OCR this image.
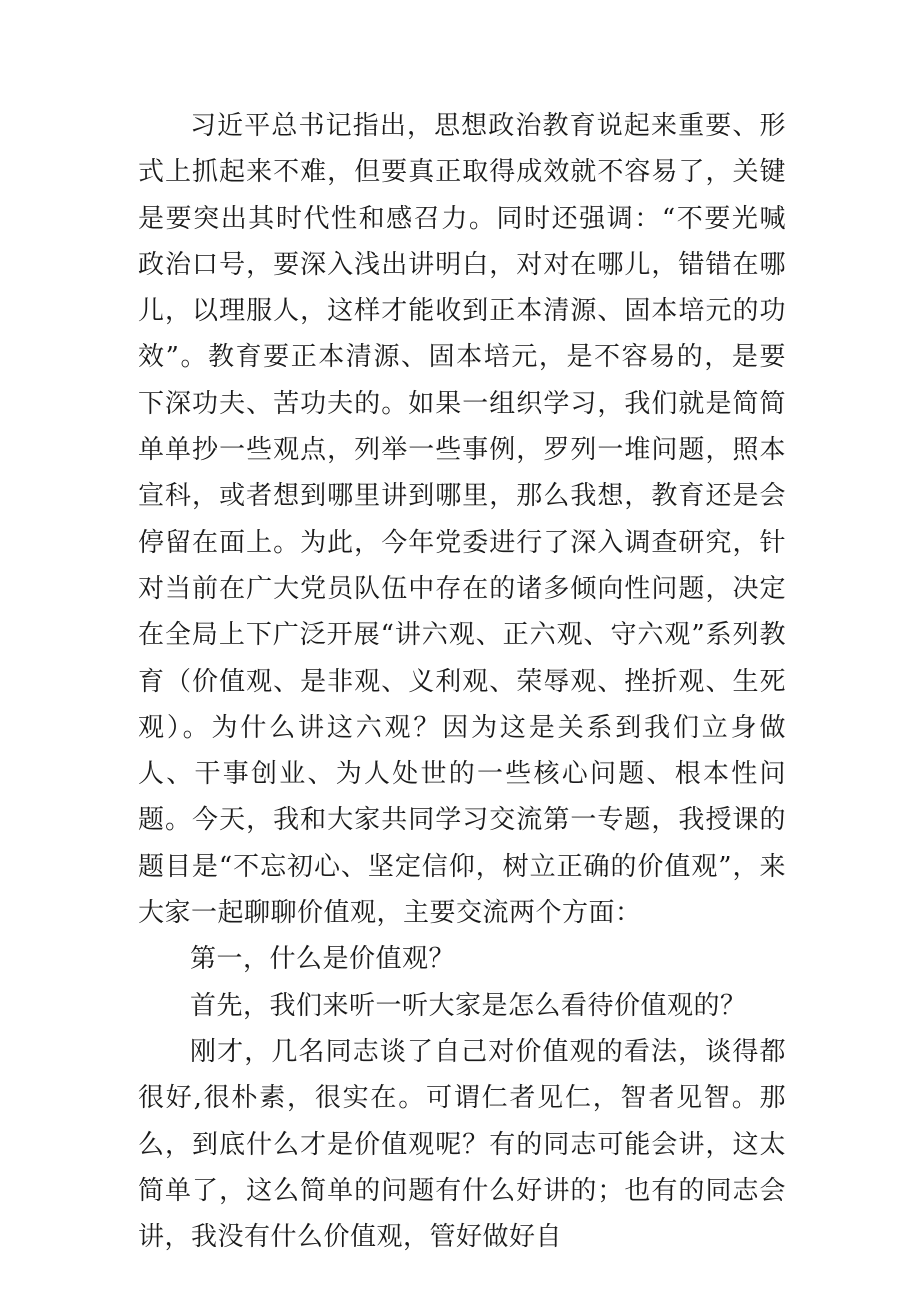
习近平总书记指出，思想政治教育说起来重要、形式上抓起来不难，但要真正取得成效就不容易了，关键是要突出其时代性和感召力。同时还强调：“不要光喊政治口号，要深入浅出讲明白，对对在哪儿，错错在哪儿，以理服人，这样才能收到正本清源、固本培元的功效”。教育要正本清源、固本培元，是不容易的，是要下深功夫、苦功夫的。如果一组织学习，我们就是简简单单抄一些观点，列举一些事例，罗列一堆问题，照本宣科，或者想到哪里讲到哪里，那么我想，教育还是会停留在面上。为此，今年党委进行了深入调查研究，针对当前在广大党员队伍中存在的诸多倾向性问题，决定在全局上下广泛开展“讲六观、正六观、守六观”系列教育（价值观、是非观、义利观、荣辱观、挫折观、生死观）。为什么讲这六观？因为这是关系到我们立身做人、干事创业、为人处世的一些核心问题、根本性问题。今天，我和大家共同学习交流第一专题，我授课的题目是“不忘初心、坚定信仰，树立正确的价值观”，来大家一起聊聊价值观，主要交流两个方面：

第一，什么是价值观？

首先，我们来听一听大家是怎么看待价值观的？

刚才，几名同志谈了自己对价值观的看法，谈得都很好,很朴素，很实在。可谓仁者见仁，智者见智。那么，到底什么才是价值观呢？有的同志可能会讲，这太简单了，这么简单的问题有什么好讲的；也有的同志会讲，我没有什么价值观，管好做好自
